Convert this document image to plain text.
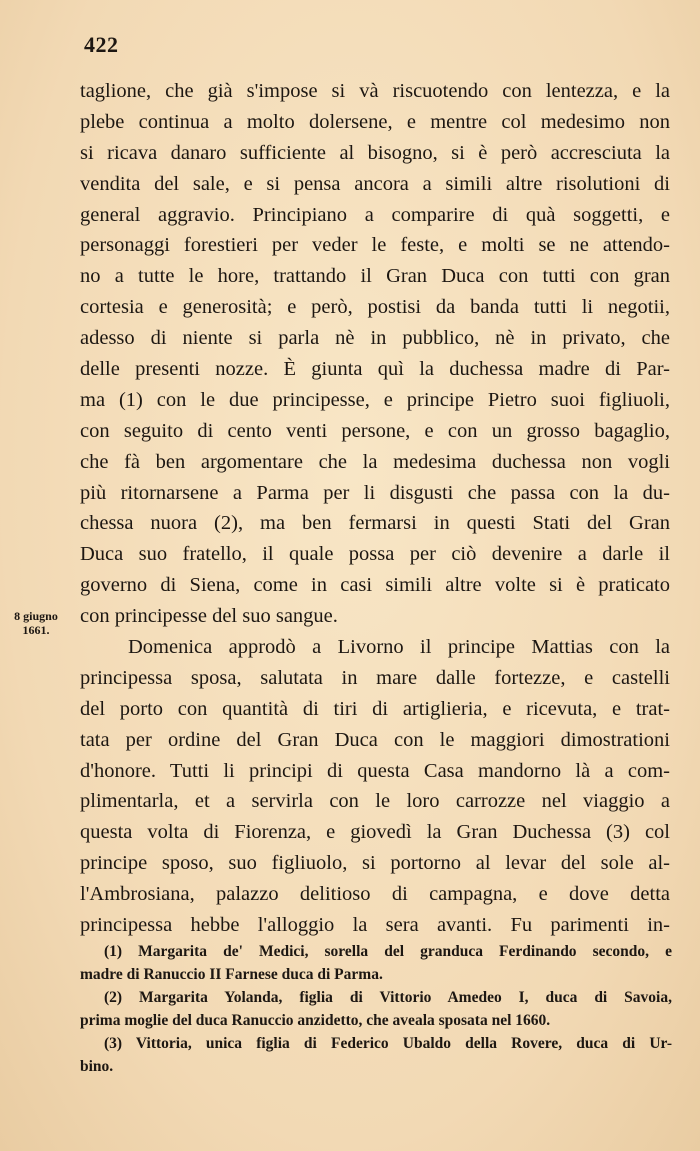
422
8 giugno
1661.
taglione, che già s'impose si và riscuotendo con lentezza, e la
plebe continua a molto dolersene, e mentre col medesimo non
si ricava danaro sufficiente al bisogno, si è però accresciuta la
vendita del sale, e si pensa ancora a simili altre risolutioni di
general aggravio. Principiano a comparire di quà soggetti, e
personaggi forestieri per veder le feste, e molti se ne attendo-
no a tutte le hore, trattando il Gran Duca con tutti con gran
cortesia e generosità; e però, postisi da banda tutti li negotii,
adesso di niente si parla nè in pubblico, nè in privato, che
delle presenti nozze. È giunta quì la duchessa madre di Par-
ma (1) con le due principesse, e principe Pietro suoi figliuoli,
con seguito di cento venti persone, e con un grosso bagaglio,
che fà ben argomentare che la medesima duchessa non vogli
più ritornarsene a Parma per li disgusti che passa con la du-
chessa nuora (2), ma ben fermarsi in questi Stati del Gran
Duca suo fratello, il quale possa per ciò devenire a darle il
governo di Siena, come in casi simili altre volte si è praticato
con principesse del suo sangue.
Domenica approdò a Livorno il principe Mattias con la
principessa sposa, salutata in mare dalle fortezze, e castelli
del porto con quantità di tiri di artiglieria, e ricevuta, e trat-
tata per ordine del Gran Duca con le maggiori dimostrationi
d'honore. Tutti li principi di questa Casa mandorno là a com-
plimentarla, et a servirla con le loro carrozze nel viaggio a
questa volta di Fiorenza, e giovedì la Gran Duchessa (3) col
principe sposo, suo figliuolo, si portorno al levar del sole al-
l'Ambrosiana, palazzo delitioso di campagna, e dove detta
principessa hebbe l'alloggio la sera avanti. Fu parimenti in-
(1) Margarita de' Medici, sorella del granduca Ferdinando secondo, e
madre di Ranuccio II Farnese duca di Parma.
(2) Margarita Yolanda, figlia di Vittorio Amedeo I, duca di Savoia,
prima moglie del duca Ranuccio anzidetto, che aveala sposata nel 1660.
(3) Vittoria, unica figlia di Federico Ubaldo della Rovere, duca di Ur-
bino.
